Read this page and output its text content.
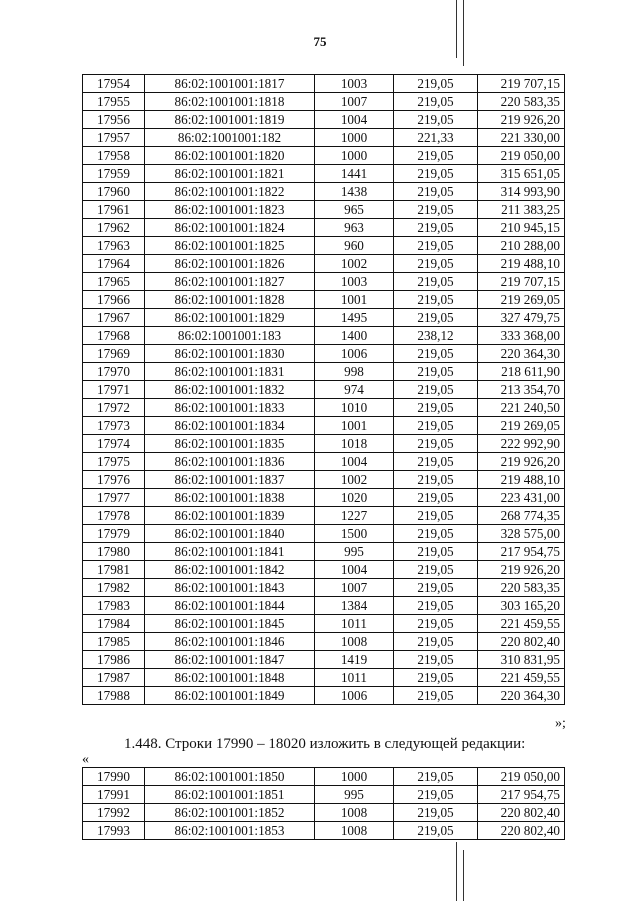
75
17954	86:02:1001001:1817	1003	219,05	219 707,15
17955	86:02:1001001:1818	1007	219,05	220 583,35
17956	86:02:1001001:1819	1004	219,05	219 926,20
17957	86:02:1001001:182	1000	221,33	221 330,00
17958	86:02:1001001:1820	1000	219,05	219 050,00
17959	86:02:1001001:1821	1441	219,05	315 651,05
17960	86:02:1001001:1822	1438	219,05	314 993,90
17961	86:02:1001001:1823	965	219,05	211 383,25
17962	86:02:1001001:1824	963	219,05	210 945,15
17963	86:02:1001001:1825	960	219,05	210 288,00
17964	86:02:1001001:1826	1002	219,05	219 488,10
17965	86:02:1001001:1827	1003	219,05	219 707,15
17966	86:02:1001001:1828	1001	219,05	219 269,05
17967	86:02:1001001:1829	1495	219,05	327 479,75
17968	86:02:1001001:183	1400	238,12	333 368,00
17969	86:02:1001001:1830	1006	219,05	220 364,30
17970	86:02:1001001:1831	998	219,05	218 611,90
17971	86:02:1001001:1832	974	219,05	213 354,70
17972	86:02:1001001:1833	1010	219,05	221 240,50
17973	86:02:1001001:1834	1001	219,05	219 269,05
17974	86:02:1001001:1835	1018	219,05	222 992,90
17975	86:02:1001001:1836	1004	219,05	219 926,20
17976	86:02:1001001:1837	1002	219,05	219 488,10
17977	86:02:1001001:1838	1020	219,05	223 431,00
17978	86:02:1001001:1839	1227	219,05	268 774,35
17979	86:02:1001001:1840	1500	219,05	328 575,00
17980	86:02:1001001:1841	995	219,05	217 954,75
17981	86:02:1001001:1842	1004	219,05	219 926,20
17982	86:02:1001001:1843	1007	219,05	220 583,35
17983	86:02:1001001:1844	1384	219,05	303 165,20
17984	86:02:1001001:1845	1011	219,05	221 459,55
17985	86:02:1001001:1846	1008	219,05	220 802,40
17986	86:02:1001001:1847	1419	219,05	310 831,95
17987	86:02:1001001:1848	1011	219,05	221 459,55
17988	86:02:1001001:1849	1006	219,05	220 364,30
»;
1.448. Строки 17990 – 18020 изложить в следующей редакции:
«
17990	86:02:1001001:1850	1000	219,05	219 050,00
17991	86:02:1001001:1851	995	219,05	217 954,75
17992	86:02:1001001:1852	1008	219,05	220 802,40
17993	86:02:1001001:1853	1008	219,05	220 802,40
